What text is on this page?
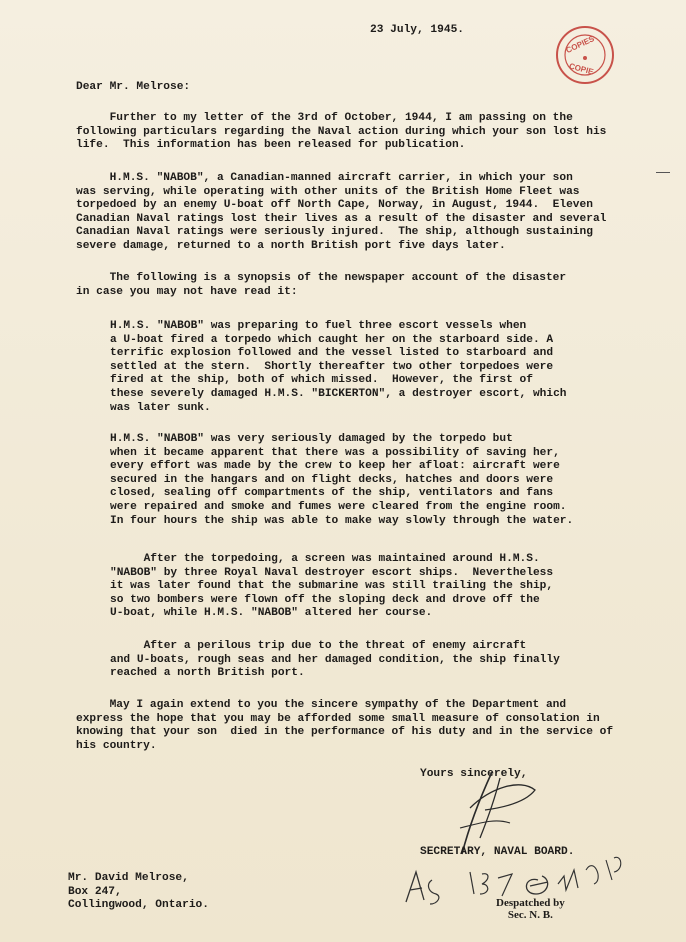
23 July, 1945.
COPIES
COPIE
Dear Mr. Melrose:
Further to my letter of the 3rd of October, 1944, I am passing on the
following particulars regarding the Naval action during which your son lost his
life.  This information has been released for publication.
H.M.S. "NABOB", a Canadian-manned aircraft carrier, in which your son
was serving, while operating with other units of the British Home Fleet was
torpedoed by an enemy U-boat off North Cape, Norway, in August, 1944.  Eleven
Canadian Naval ratings lost their lives as a result of the disaster and several
Canadian Naval ratings were seriously injured.  The ship, although sustaining
severe damage, returned to a north British port five days later.
The following is a synopsis of the newspaper account of the disaster
in case you may not have read it:
H.M.S. "NABOB" was preparing to fuel three escort vessels when
a U-boat fired a torpedo which caught her on the starboard side. A
terrific explosion followed and the vessel listed to starboard and
settled at the stern.  Shortly thereafter two other torpedoes were
fired at the ship, both of which missed.  However, the first of
these severely damaged H.M.S. "BICKERTON", a destroyer escort, which
was later sunk.
H.M.S. "NABOB" was very seriously damaged by the torpedo but
when it became apparent that there was a possibility of saving her,
every effort was made by the crew to keep her afloat: aircraft were
secured in the hangars and on flight decks, hatches and doors were
closed, sealing off compartments of the ship, ventilators and fans
were repaired and smoke and fumes were cleared from the engine room.
In four hours the ship was able to make way slowly through the water.
After the torpedoing, a screen was maintained around H.M.S.
"NABOB" by three Royal Naval destroyer escort ships.  Nevertheless
it was later found that the submarine was still trailing the ship,
so two bombers were flown off the sloping deck and drove off the
U-boat, while H.M.S. "NABOB" altered her course.
After a perilous trip due to the threat of enemy aircraft
and U-boats, rough seas and her damaged condition, the ship finally
reached a north British port.
May I again extend to you the sincere sympathy of the Department and
express the hope that you may be afforded some small measure of consolation in
knowing that your son  died in the performance of his duty and in the service of
his country.
Yours sincerely,
SECRETARY, NAVAL BOARD.
Mr. David Melrose,
Box 247,
Collingwood, Ontario.	Despatched by
Sec. N. B.
